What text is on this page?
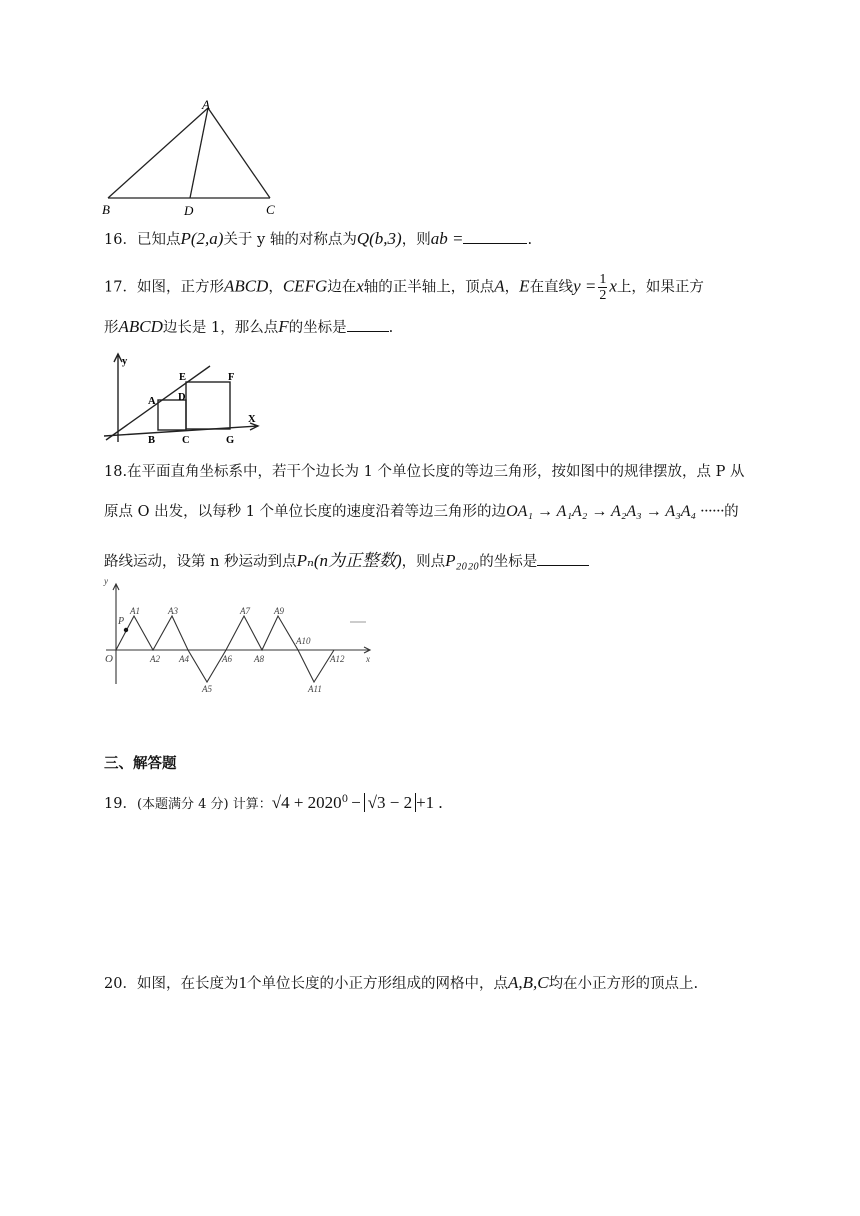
A
B	D	C
16．已知点P(2,a)关于 y 轴的对称点为Q(b,3)，则ab =	.
17．如图，正方形ABCD，CEFG边在x轴的正半轴上，顶点A，E在直线$y = \frac{1}{2}$ x上，如果正方
形ABCD边长是 1，那么点F的坐标是	.
y
X
A D
E	F
B	C	G
18.在平面直角坐标系中，若干个边长为 1 个单位长度的等边三角形，按如图中的规律摆放，点 P 从
原点 O 出发，以每秒 1 个单位长度的速度沿着等边三角形的边OA₁ → A₁A₂ → A₂A₃ → A₃A₄ ······的
路线运动，设第 n 秒运动到点Pₙ(n为正整数)，则点P₂₀₂₀的坐标是
y
x
O
P
A1
A2
A3
A4
A5
A6
A7
A8
A9
A10
A11
A12
三、解答题
19．(本题满分 4 分) 计算：$√4 + 2020^0 - √3 - 2 +1$ .
20．如图，在长度为1个单位长度的小正方形组成的网格中，点A,B,C均在小正方形的顶点上.
